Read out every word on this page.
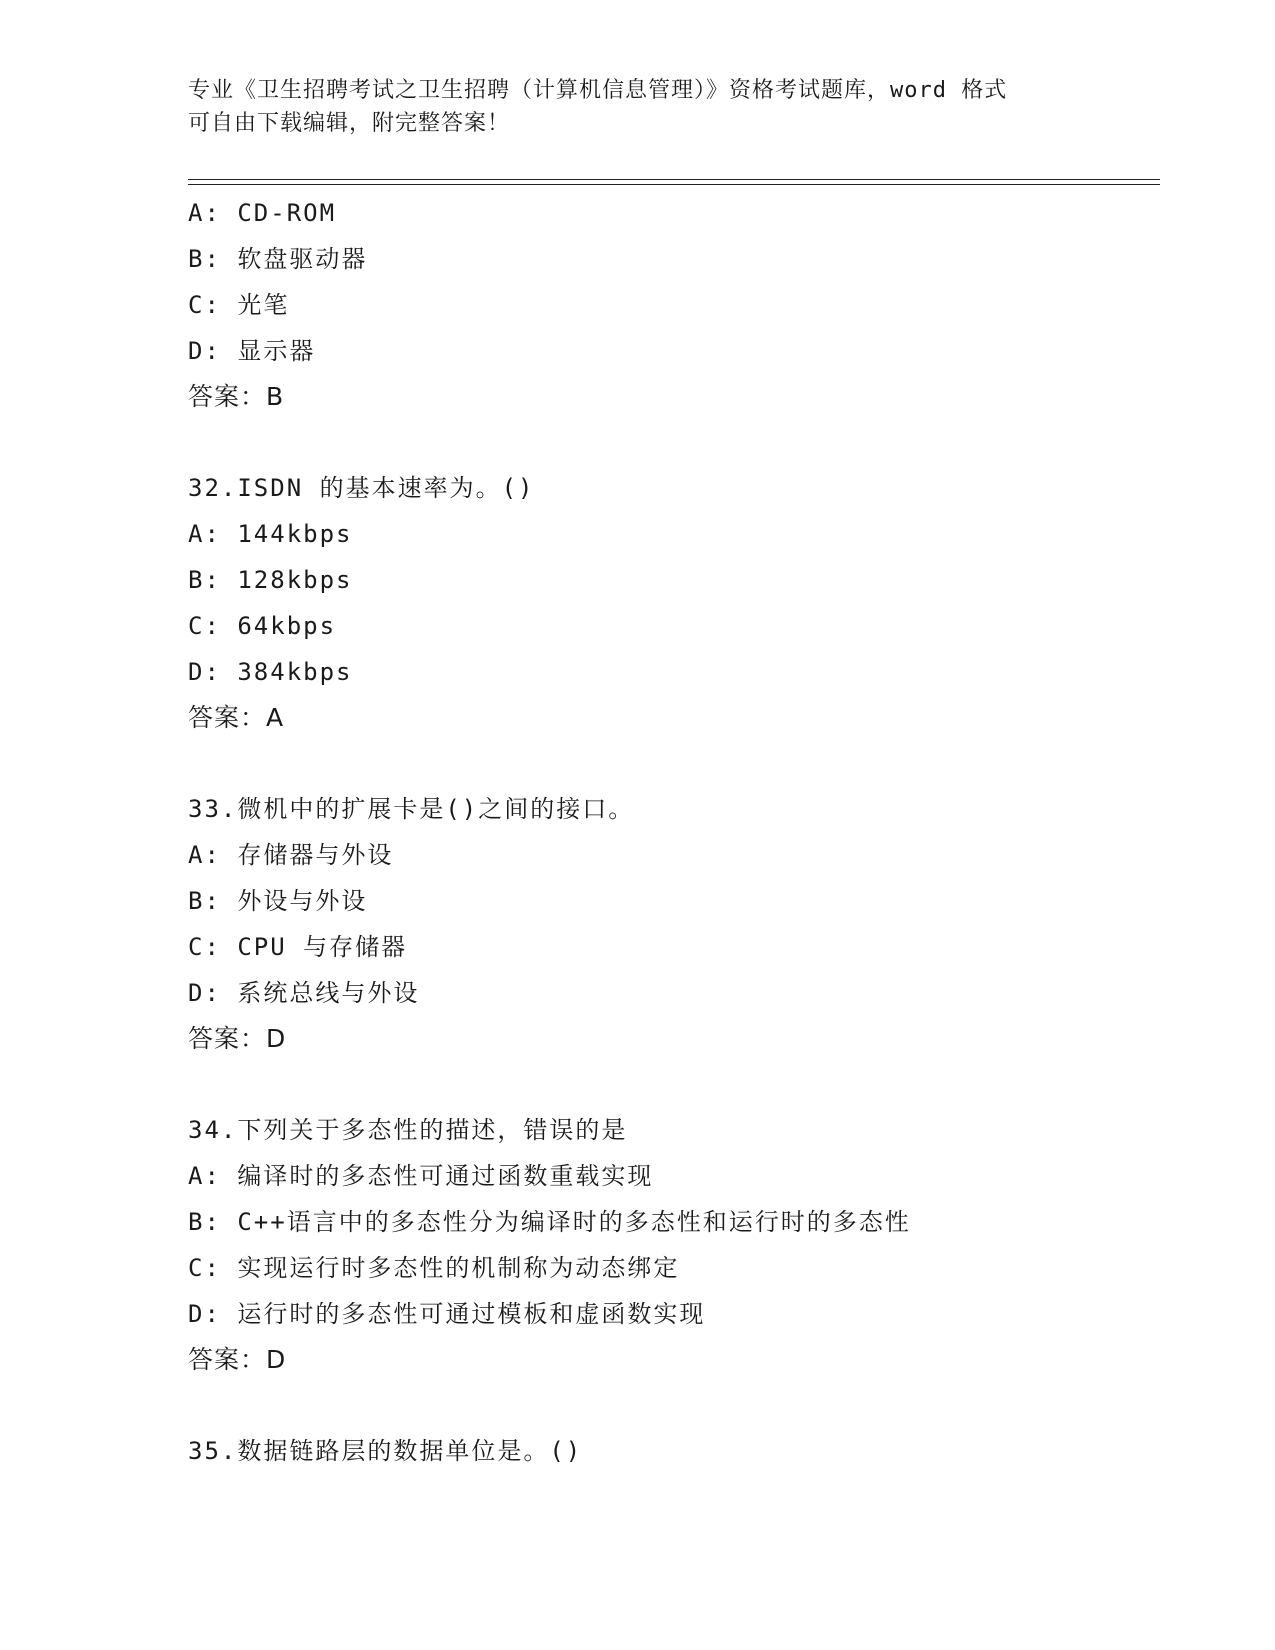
专业《卫生招聘考试之卫生招聘（计算机信息管理）》资格考试题库，word 格式
可自由下载编辑，附完整答案！
A: CD-ROM
B: 软盘驱动器
C: 光笔
D: 显示器
答案：B
32.ISDN 的基本速率为。()
A: 144kbps
B: 128kbps
C: 64kbps
D: 384kbps
答案：A
33.微机中的扩展卡是()之间的接口。
A: 存储器与外设
B: 外设与外设
C: CPU 与存储器
D: 系统总线与外设
答案：D
34.下列关于多态性的描述，错误的是
A: 编译时的多态性可通过函数重载实现
B: C++语言中的多态性分为编译时的多态性和运行时的多态性
C: 实现运行时多态性的机制称为动态绑定
D: 运行时的多态性可通过模板和虚函数实现
答案：D
35.数据链路层的数据单位是。()
